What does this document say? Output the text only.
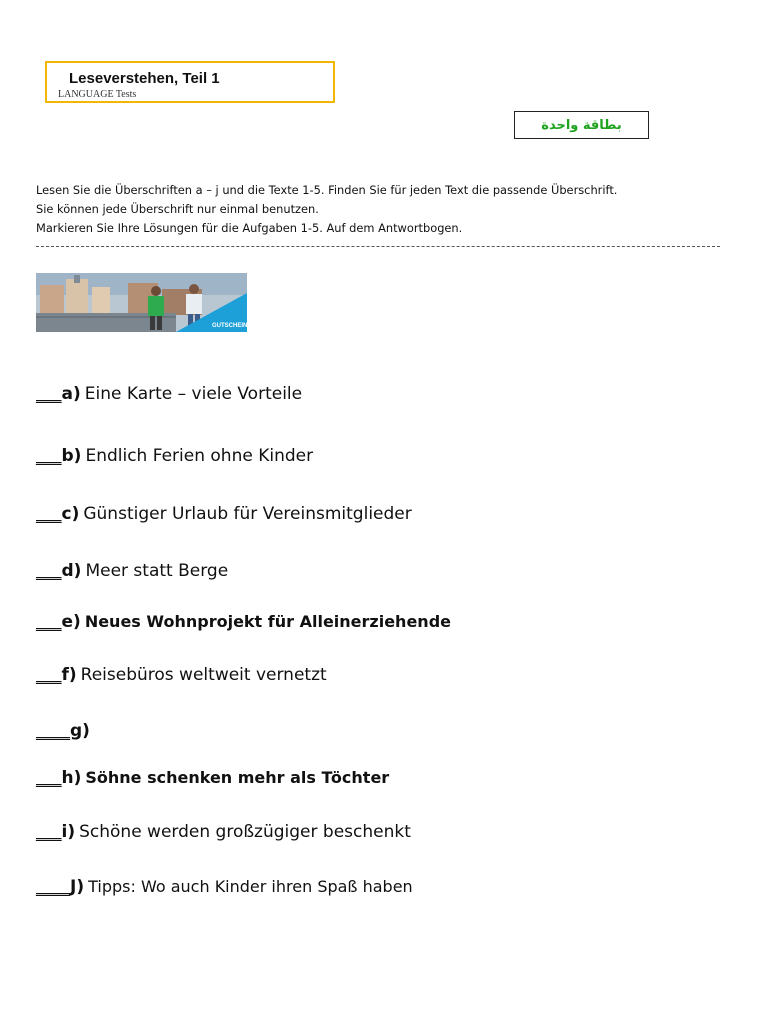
Leseverstehen, Teil 1
LANGUAGE Tests
بطاقة واحدة
Lesen Sie die Überschriften a – j und die Texte 1-5. Finden Sie für jeden Text die passende Überschrift.
Sie können jede Überschrift nur einmal benutzen.
Markieren Sie Ihre Lösungen für die Aufgaben 1-5. Auf dem Antwortbogen.
GUTSCHEIN
___a) Eine Karte – viele Vorteile
___b) Endlich Ferien ohne Kinder
___c) Günstiger Urlaub für Vereinsmitglieder
___d) Meer statt Berge
___e) Neues Wohnprojekt für Alleinerziehende
___f) Reisebüros weltweit vernetzt
____g)
___h) Söhne schenken mehr als Töchter
___i) Schöne werden großzügiger beschenkt
____J) Tipps: Wo auch Kinder ihren Spaß haben
